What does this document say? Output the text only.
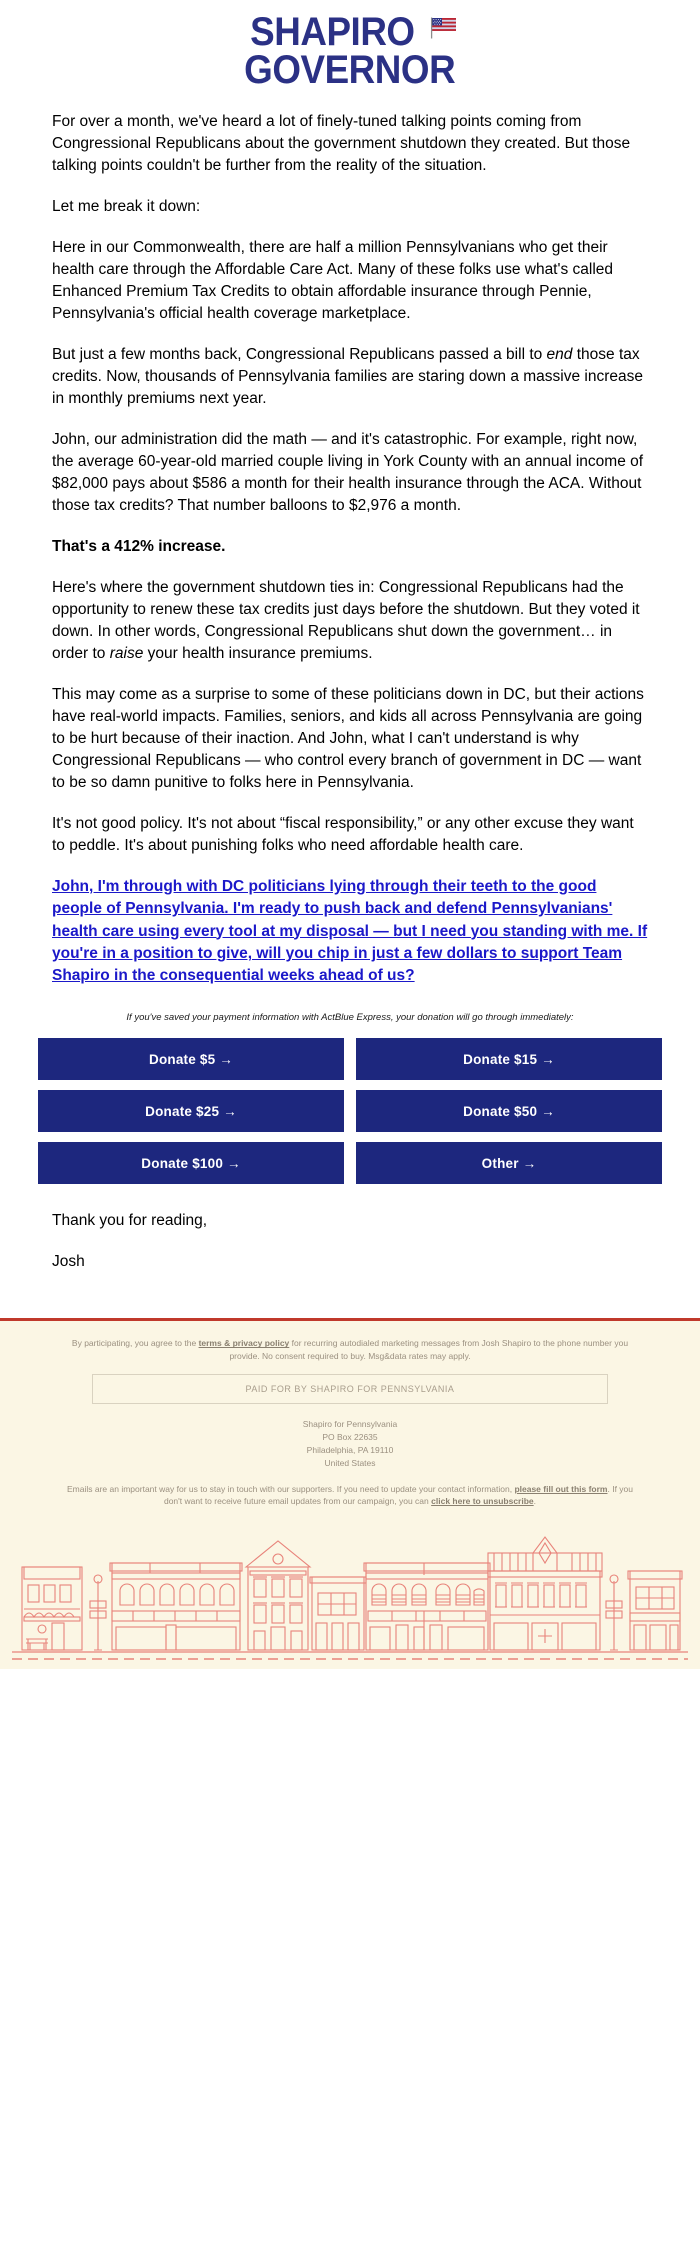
SHAPIRO
GOVERNOR

For over a month, we've heard a lot of finely-tuned talking points coming from Congressional Republicans about the government shutdown they created. But those talking points couldn't be further from the reality of the situation.

Let me break it down:

Here in our Commonwealth, there are half a million Pennsylvanians who get their health care through the Affordable Care Act. Many of these folks use what's called Enhanced Premium Tax Credits to obtain affordable insurance through Pennie, Pennsylvania's official health coverage marketplace.

But just a few months back, Congressional Republicans passed a bill to end those tax credits. Now, thousands of Pennsylvania families are staring down a massive increase in monthly premiums next year.

John, our administration did the math — and it's catastrophic. For example, right now, the average 60-year-old married couple living in York County with an annual income of $82,000 pays about $586 a month for their health insurance through the ACA. Without those tax credits? That number balloons to $2,976 a month.

That's a 412% increase.

Here's where the government shutdown ties in: Congressional Republicans had the opportunity to renew these tax credits just days before the shutdown. But they voted it down. In other words, Congressional Republicans shut down the government… in order to raise your health insurance premiums.

This may come as a surprise to some of these politicians down in DC, but their actions have real-world impacts. Families, seniors, and kids all across Pennsylvania are going to be hurt because of their inaction. And John, what I can't understand is why Congressional Republicans — who control every branch of government in DC — want to be so damn punitive to folks here in Pennsylvania.

It's not good policy. It's not about “fiscal responsibility,” or any other excuse they want to peddle. It's about punishing folks who need affordable health care.

John, I'm through with DC politicians lying through their teeth to the good people of Pennsylvania. I'm ready to push back and defend Pennsylvanians' health care using every tool at my disposal — but I need you standing with me. If you're in a position to give, will you chip in just a few dollars to support Team Shapiro in the consequential weeks ahead of us?
If you've saved your payment information with ActBlue Express, your donation will go through immediately:
Donate $5 →	Donate $15 →
Donate $25 →	Donate $50 →
Donate $100 →	Other →

Thank you for reading,

Josh

By participating, you agree to the terms & privacy policy for recurring autodialed marketing messages from Josh Shapiro to the phone number you provide. No consent required to buy. Msg&data rates may apply.

PAID FOR BY SHAPIRO FOR PENNSYLVANIA

Shapiro for Pennsylvania
PO Box 22635
Philadelphia, PA 19110
United States

Emails are an important way for us to stay in touch with our supporters. If you need to update your contact information, please fill out this form. If you don't want to receive future email updates from our campaign, you can click here to unsubscribe.
